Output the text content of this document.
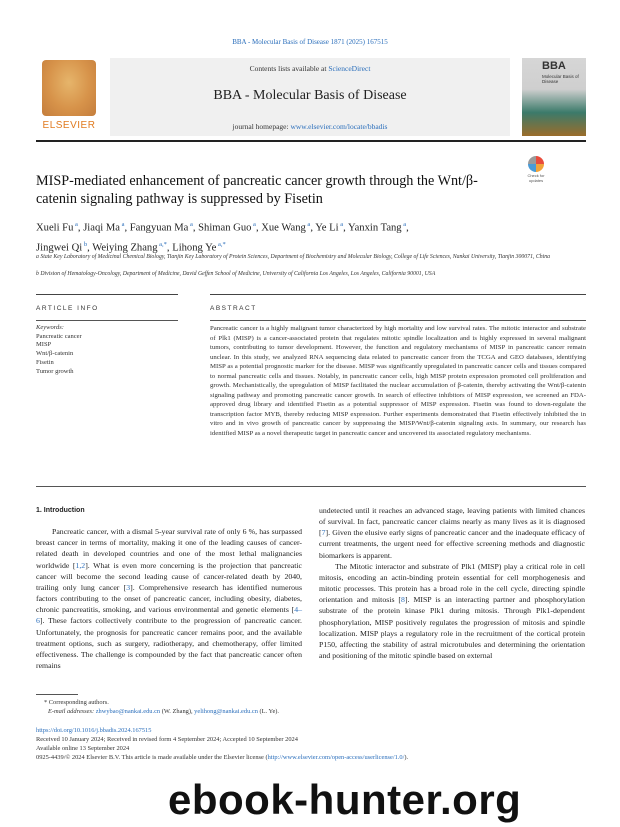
BBA - Molecular Basis of Disease 1871 (2025) 167515
ELSEVIER
Contents lists available at ScienceDirect
BBA - Molecular Basis of Disease
journal homepage: www.elsevier.com/locate/bbadis
BBA
Molecular Basis of Disease
MISP-mediated enhancement of pancreatic cancer growth through the Wnt/β-catenin signaling pathway is suppressed by Fisetin
Check for updates
Xueli Fu $^a$, Jiaqi Ma $^a$, Fangyuan Ma $^a$, Shiman Guo $^a$, Xue Wang $^a$, Ye Li $^a$, Yanxin Tang $^a$,
Jingwei Qi $^b$, Weiying Zhang $^{a,*}$, Lihong Ye $^{a,*}$
a State Key Laboratory of Medicinal Chemical Biology, Tianjin Key Laboratory of Protein Sciences, Department of Biochemistry and Molecular Biology, College of Life Sciences, Nankai University, Tianjin 300071, China
b Division of Hematology-Oncology, Department of Medicine, David Geffen School of Medicine, University of California Los Angeles, Los Angeles, California 90001, USA
ARTICLE INFO	ABSTRACT
Keywords:
Pancreatic cancer
MISP
Wnt/β-catenin
Fisetin
Tumor growth
Pancreatic cancer is a highly malignant tumor characterized by high mortality and low survival rates. The mitotic interactor and substrate of Plk1 (MISP) is a cancer-associated protein that regulates mitotic spindle localization and is highly expressed in several malignant tumors, contributing to tumor development. However, the function and regulatory mechanisms of MISP in pancreatic cancer remain unclear. In this study, we analyzed RNA sequencing data related to pancreatic cancer from the TCGA and GEO databases, identifying MISP as a potential prognostic marker for the disease. MISP was significantly upregulated in pancreatic cancer cells and tissues compared to normal pancreatic cells and tissues. Notably, in pancreatic cancer cells, high MISP protein expression promoted cell proliferation and growth. Mechanistically, the upregulation of MISP facilitated the nuclear accumulation of β-catenin, thereby activating the Wnt/β-catenin signaling pathway and promoting pancreatic cancer growth. In search of effective inhibitors of MISP expression, we screened an FDA-approved drug library and identified Fisetin as a potential suppressor of MISP expression. Fisetin was found to down-regulate the transcription factor MYB, thereby reducing MISP expression. Further experiments demonstrated that Fisetin effectively inhibited the in vitro and in vivo growth of pancreatic cancer by suppressing the MISP/Wnt/β-catenin signaling axis. In summary, our research has identified MISP as a novel therapeutic target in pancreatic cancer and uncovered its associated regulatory mechanisms.

1. Introduction

Pancreatic cancer, with a dismal 5-year survival rate of only 6 %, has surpassed breast cancer in terms of mortality, making it one of the leading causes of cancer-related death in developed countries and one of the most lethal malignancies worldwide [1,2]. What is even more concerning is the projection that pancreatic cancer will become the second leading cause of cancer-related death by 2040, trailing only lung cancer [3]. Comprehensive research has identified numerous factors contributing to the onset of pancreatic cancer, including obesity, diabetes, chronic pancreatitis, smoking, and various environmental and genetic elements [4–6]. These factors collectively contribute to the progression of pancreatic cancer. Unfortunately, the prognosis for pancreatic cancer remains poor, and the available treatment options, such as surgery, radiotherapy, and chemotherapy, offer limited effectiveness. The challenge is compounded by the fact that pancreatic cancer often remains

undetected until it reaches an advanced stage, leaving patients with limited chances of survival. In fact, pancreatic cancer claims nearly as many lives as it is diagnosed [7]. Given the elusive early signs of pancreatic cancer and the inadequate efficacy of current treatments, the urgent need for effective screening methods and diagnostic biomarkers is apparent.

The Mitotic interactor and substrate of Plk1 (MISP) play a critical role in cell mitosis, encoding an actin-binding protein essential for cell morphogenesis and mitotic processes. This protein has a broad role in the cell cycle, directing spindle orientation and mitosis [8]. MISP is an interacting partner and phosphorylation substrate of the protein kinase Plk1 during mitosis. Through Plk1-dependent phosphorylation, MISP positively regulates the progression of mitosis and spindle localization. MISP plays a regulatory role in the recruitment of the cortical protein P150, affecting the stability of astral microtubules and determining the orientation and positioning of the mitotic spindle based on external

* Corresponding authors.
E-mail addresses: zhwybao@nankai.edu.cn (W. Zhang), yelihong@nankai.edu.cn (L. Ye).
https://doi.org/10.1016/j.bbadis.2024.167515
Received 10 January 2024; Received in revised form 4 September 2024; Accepted 10 September 2024
Available online 13 September 2024
0925-4439/© 2024 Elsevier B.V. This article is made available under the Elsevier license (http://www.elsevier.com/open-access/userlicense/1.0/).
ebook-hunter.org
